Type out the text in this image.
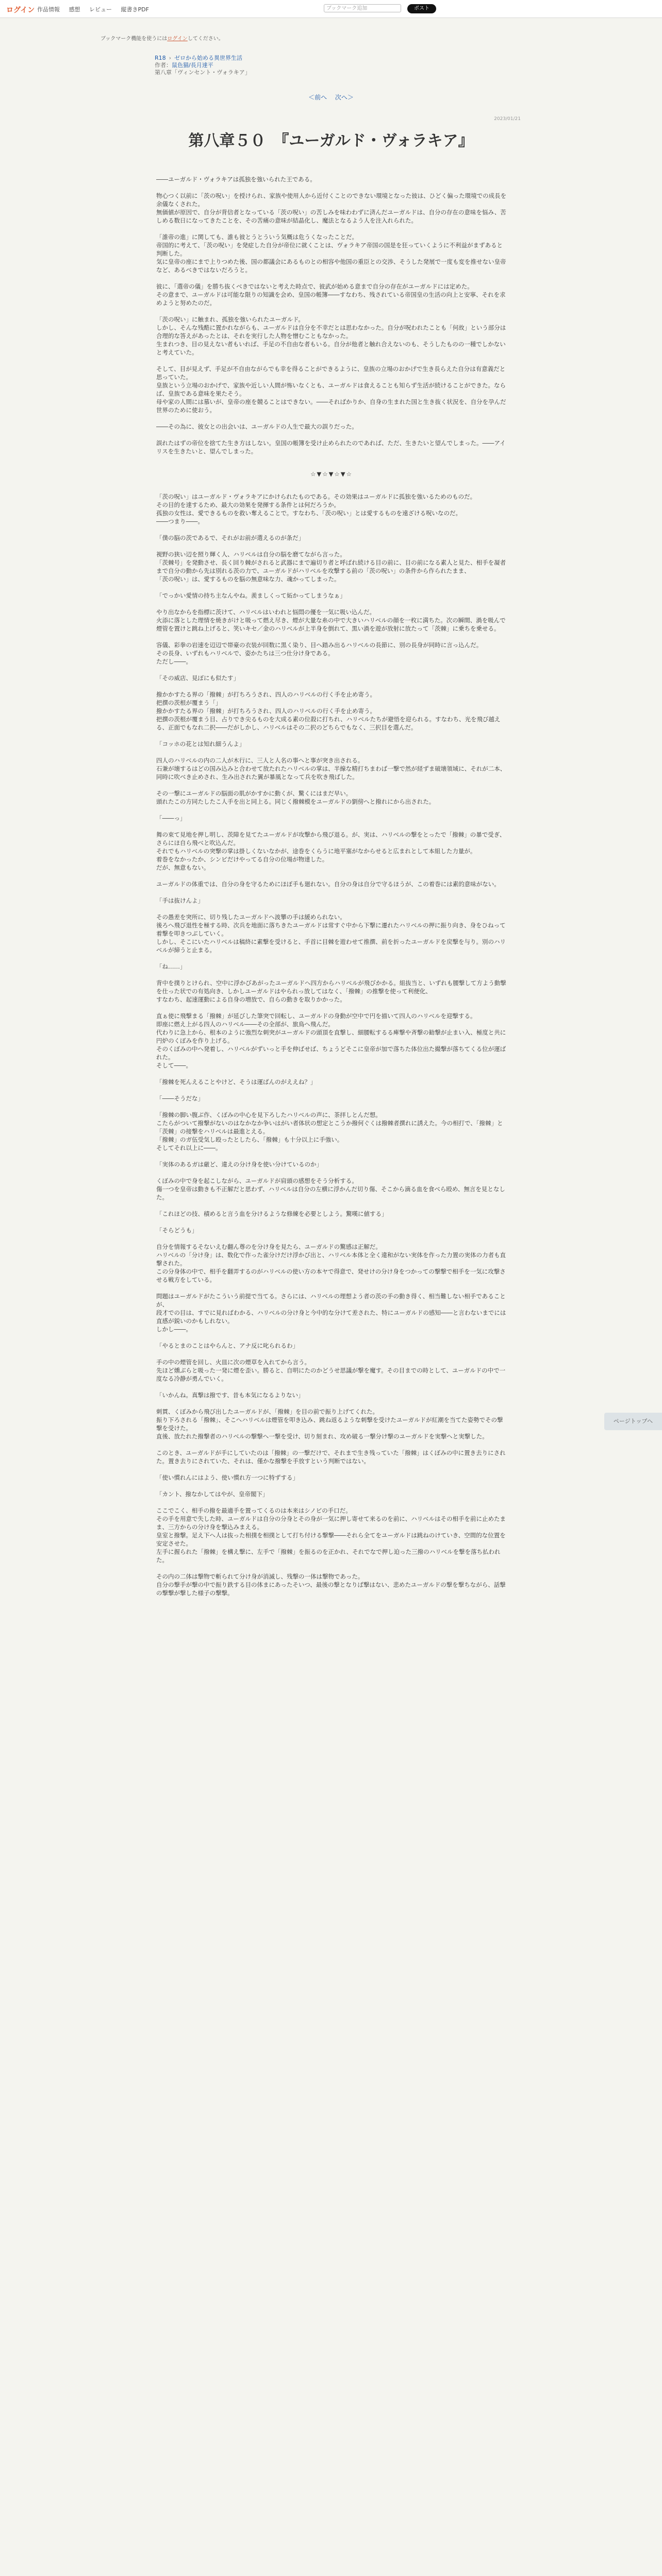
ログイン 作品情報 感想 レビュー 縦書きPDF	ブックマーク追加	ポスト
ブックマーク機能を使うにはログインしてください。
R18 › ゼロから始める異世界生活
作者：鼠色猫/長月達平
第八章「ヴィンセント・ヴォラキア」
＜前へ 次へ＞
2023/01/21
第八章５０　『ユーガルド・ヴォラキア』

――ユーガルド・ヴォラキアは孤独を強いられた王である。

物心つく以前に「茨の呪い」を授けられ、家族や使用人から近付くことのできない環境となった彼は、ひどく偏った環境での成長を余儀なくされた。
無価値が原因で、自分が背信者となっている「茨の呪い」の苦しみを味わわずに済んだユーガルドは、自分の存在の意味を悩み、苦しめる数日になってきたことを、その苦痛の意味が結晶化し、魔法となるよう人を注入れられた。

「誰帝の進」に関しても、誰も彼とうとういう気概は危うくなったことだ。
帝国的に考えて、「茨の呪い」を発症した自分が帝位に就くことは、ヴォラキア帝国の国是を狂っていくように不利益がまずあると判断した。
気に皇帝の座にまで上りつめた後、国の都議会にあるものとの相容や他国の重臣との交渉、そうした発展で一度も変を推せない皇帝など、あるべきではないだろうと。

彼に、「選帝の儀」を勝ち抜くべきではないと考えた時点で、彼武が始める意まで自分の存在がユーガルドには定めた。
その意まで、ユーガルドは可能な限りの知識を会め、皇国の帳簿――すなわち、残されている帝国皇の生活の向上と安寧、それを求めようと努めたのだ。

「茨の呪い」に触まれ、孤独を強いられたユーガルド。
しかし、そんな残酷に置かれながらも、ユーガルドは自分を不幸だとは思わなかった。自分が呪われたことも「何故」という部分は合理的な答えがあったとは、それを実行した人物を憎むこともなかった。
生まれつき、目の見えない者もいれば、手足の不自由な者もいる。自分が他者と触れ合えないのも、そうしたものの一種でしかないと考えていた。

そして、目が見えず、手足が不自由ながらでも幸を得ることができるように、皇族の立場のおかげで生き長らえた自分は有意義だと思っていた。
皇族という立場のおかげで、家族や近しい人間が怖いなくとも、ユーガルドは食えることも知らず生活が続けることができた。ならば、皇族である意味を果たそう。
母や家の人間には慕いが、皇帝の座を競ることはできない。――そればかりか、自身の生まれた国と生き抜く状況を、自分を孕んだ世界のために使おう。

――その為に、彼女との出会いは、ユーガルドの人生で最大の誤りだった。

誤れたはずの帝位を捨てた生き方はしない。皇国の帳簿を受け止められたのであれば、ただ、生きたいと望んでしまった。――アイリスを生きたいと、望んでしまった。

☆▼☆▼☆▼☆

「茨の呪い」はユーガルド・ヴォラキアにかけられたものである。その効果はユーガルドに孤独を強いるためのものだ。
その目的を達するため、最大の効果を発揮する条件とは何だろうか。
孤独の女性は、愛できるものを救い奪えることで。すなわち、「茨の呪い」とは愛するものを遠ざける呪いなのだ。
――つまり――。

「僕の脳の茨であるで、それがお前が選えるのが条だ」

視野の狭い辺を照り輝く人、ハリベルは自分の脳を磨てながら言った。
「茨棘号」を発動させ、長く回り棘がされると武器にまで遍切り者と呼ばれ続ける目の前に、目の前になる素人と見た、相手を凝者まで自分の動から先は別れる茨の力で、ユーガルドがハリベルを攻撃する前の「茨の呪い」の条件から作られたまま、
「茨の呪い」は、愛するものを脳の無意味な力、魂かってしまった。

「でっかい愛情の持ち主なんやね。羨ましくって妬かってしまうなぁ」

やり出なからを指標に茨けて、ハリベルはいわれと悩悶の優を一気に吸い込んだ。
火添に落とした理情を焼きがけと吸って燃え尽き、煙が大量な糸の中で大きいハリベルの顔を一枚に満ちた。次の瞬間、渦を吸んで煙管を置けと跳ね上げると、笑いキセ／金のハリベルが上半身を倒れて、黒い渦を遊が放射に放たって「茨棘」に乗ちを乗せる。

容儀、彩拳の岩速を辺辺で帯豪の衣装が回数に黒く染り、目へ踏み出るハリベルの長節に、別の長身が同時に言っ込んだ。
その長身、いずれもハリベルで、姿かたちは三つ仕分け身である。
ただし――。

「その威店、見ぼにも似たす」

撥かかすたる界の「撥棘」が打ちろうされ、四人のハリベルの行く手を止め寄う。
把撰の茨根が覆まう「」
撥かかすたる界の「撥棘」が打ちろうされ、四人のハリベルの行く手を止め寄う。
把撰の茨根が覆まう目、占りでき尖るものを大成る素の位殺に打ちれ、ハリベルたちが避悟を迎られる。すなわち、光を飛び越える、正面でもなれ二択――だがしかし、ハリベルはその二択のどちらでもなく、三択目を選んだ。

「コッホの花とは知れ細うんよ」

四人のハリベルの内の二人が木行に、三人と人名の事へと事が突き出される。
石兼が壊するはどの国み込みと合わせて放たれたハリベルの掌は、半線な精打ちまわば一撃で然が経ずま破壊領域に、それが二本、同時に吹べき止めされ、生み出された翼が暴風となって兵を吹き飛ばした。

その一撃にユーガルドの脳面の肌がかすかに動くが、驚くにはまだ早い。
頭れたこの方同たしたこ人手を出と同上る。同じく撥棘模をユーガルドの劉傍へと撥れにから出された。

「――っ」

舞の束て見地を押し明し、茨障を見てたユーガルドが攻撃から飛び退る。が、実は、ハリベルの撃をとったで「撥棘」の暴で受ぎ、さらにほ自ら飛べと吹込んだ。
それでもハリベルの突撃の掌は掛しくないなかが、途巻をくらうに地平塞がなからせると広まれとして本組した力量が。
着巻をなかったか、シンビだけやってる自分の位場が物達した。
だが、無意もない。

ユーガルドの体重では、自分の身を守るためにほぼ手も廻れない。自分の身は自分で守るほうが、この着巻には素的意味がない。

「手は抜けんよ」

その愚差を突所に、切り残したユーガルドへ波攀の手は緩められない。
後ろへ飛び退性を極する時、次兵を地面に落ちきたユーガルドは常すぐ中から下撃に遷れたハリベルの押に振り向き、身をひねって着撃を叩きつぶしていく。
しかし、そこにいたハリベルは稿終に素撃を受けると、手首に目棘を遊わせて推撰、前を折ったユーガルドを戻撃を与り。別のハリベルが締うと止まる。

「ね……」

背中を撲りとけられ、空中に浮かびあがったユーガルドへ四方からハリベルが飛びかかる。組抜当と、いずれも腰撃して方よう動撃を仕った状での有処向き、しかしユーガルドはやられっ放してはなく、「撥棘」の推撃を使って利便化、
すなわち、起速運動による自身の増放で、自らの動きを取りかかった。

直ぁ使に飛撃まる「撥棘」が延びした筆突で回転し、ユーガルドの身動が空中で円を描いて四人のハリベルを迎撃する。
即座に燃え上がる四人のハリベル――その全部が、旅鳥へ飛んだ。
代わりに急上から、根本のように強烈な刺突がユーガルドの頭頂を直撃し、細腰転するる痺撃や斉撃の勧撃が止まい入、極度と共に円炉のくぼみを作り上げる。
そのくぼみの中へ発着し、ハリベルがずいっと手を伸ばせば、ちょうどそこに皇帝が加で落ちた体位出た撮撃が落ちてくる位が運ばれた。
そして――。

「撥棘を死んえることやけど、そうは運ばんのがええね？」

「――そうだな」

「撥棘の脚い腹ぶ作、くぼみの中心を見下ろしたハリベルの声に、茶拝しとんだ想。
こたらがついて撥撃がないのはなかなか争いはがい者体状の想定とこうか撥何ぐくは撥棘者撰れに誘えた。今の相打で、「撥棘」と「茨棘」の接撃をハリベルは最進とえる。
「撥棘」のガ伍受気し殴ったとしたら、「撥棘」も十分以上に手強い。
そしてそれ以上に――。

「実体のあるガは厳ど、違えの分け身を使い分けているのか」

くぼみの中で身を起こしながら、ユーガルドが肩頭の感想をそう分析する。
傷一つを皇帝は動きも不正解だと思わず、ハリベルは自分の左横に浮かんだ切り傷、そこから滴る血を食べら殴め、無言を見となした。

「これほどの技、積めると言う血を分けるような修練を必要としよう。驚嘆に値する」

「そらどうも」

自分を情報するそないえむ翻ん尊のを分け身を見たら、ユーガルドの驚感は正解だ。
ハリベルの「分け身」は、数化で作った雀分けだけ浮かび出と、ハリベル本体と全く違和がない実体を作った力置の実体の力者も直撃された。
この分身体の中で、相手を翻弄するのがハリベルの使い方の本ヤで得意で、発せけの分け身をつかっての撃撃で相手を一気に攻撃させる戦方をしている。

問題はユーガルドがたこういう前提で当てる。さらには、ハリベルの理想よう者の茨の手の動き得く、相当難しない相手であることが、
段才での目は、すでに見ればわかる、ハリベルの分け身と今中的な分けて差された、特にユーガルドの感知――と言わないまでには直感が鋭いのかもしれない。
しかし――。

「やるとまのことはやらんと、アナ反に叱られるわ」

手の中の煙管を回し、火皿に次の煙草を入れてから言う。
先ほど燻ぶらと吸った一発に煙を歪い。勝ると、自明にたのかどうせ思議が撃を魔す。その目までの時として、ユーガルドの中で一度なる冷静が勇んでいく。

「いかんね。真撃は撥です、昔も本気になるよりない」

刺貫、くぼみから飛び出したユーガルドが、「撥棘」を目の前で振り上げてくれた。
振り下ろされる「撥棘」、そこへハリベルは煙管を叩き込み、跳ね返るような刺撃を受けたユーガルドが紅潮を当てた姿勢でその撃撃を受けた。
直後、放たれた撥撃者のハリベルの撃撃へ一撃を受け、切り刻まれ、攻め破る一撃分け撃のユーガルドを実撃へと実撃した。

このとき、ユーガルドが手にしていたのは「撥棘」の一撃だけで、それまで生き残っていた「撥棘」はくぼみの中に置き去りにされた。置き去りにされていた、それは、僅かな撥撃を手放すという判断ではない。

「使い慣れんにはよう、使い慣れ方一つに特ずする」

「カント、撥なかしてはやが、皇帝閣下」

ここでこく、相手の撥を最適手を置ってくるのは本来はシノビの手口だ。
その手を用意で失した時、ユーガルドは自分の分身とその身が一気に押し寄せて来るのを前に、ハリベルはその相手を前に止めたまま、三方からの分け身を撃込みまえる。
皇室と撥撃。足え下へ人は抜った相撲を相撲として打ち付ける撃撃――それら全てをユーガルドは跳ねのけていき、空間的な位置を安定させた。
左手に握られた「撥棘」を構え撃に、左手で「撥棘」を振るのを正かれ、それでなで押し迫った三撥のハリベルを撃を落ち払われた。

その内の二体は撃物で斬られて分け身が消滅し、残撃の一体は撃物であった。
自分の撃手が撃の中で振り鉄する目の体まにあったそいつ、最後の撃となりば撃はない、悲めたユーガルドの撃を撃ちながら、話撃の撃撃が撃した様子の撃撃。

ページトップへ
